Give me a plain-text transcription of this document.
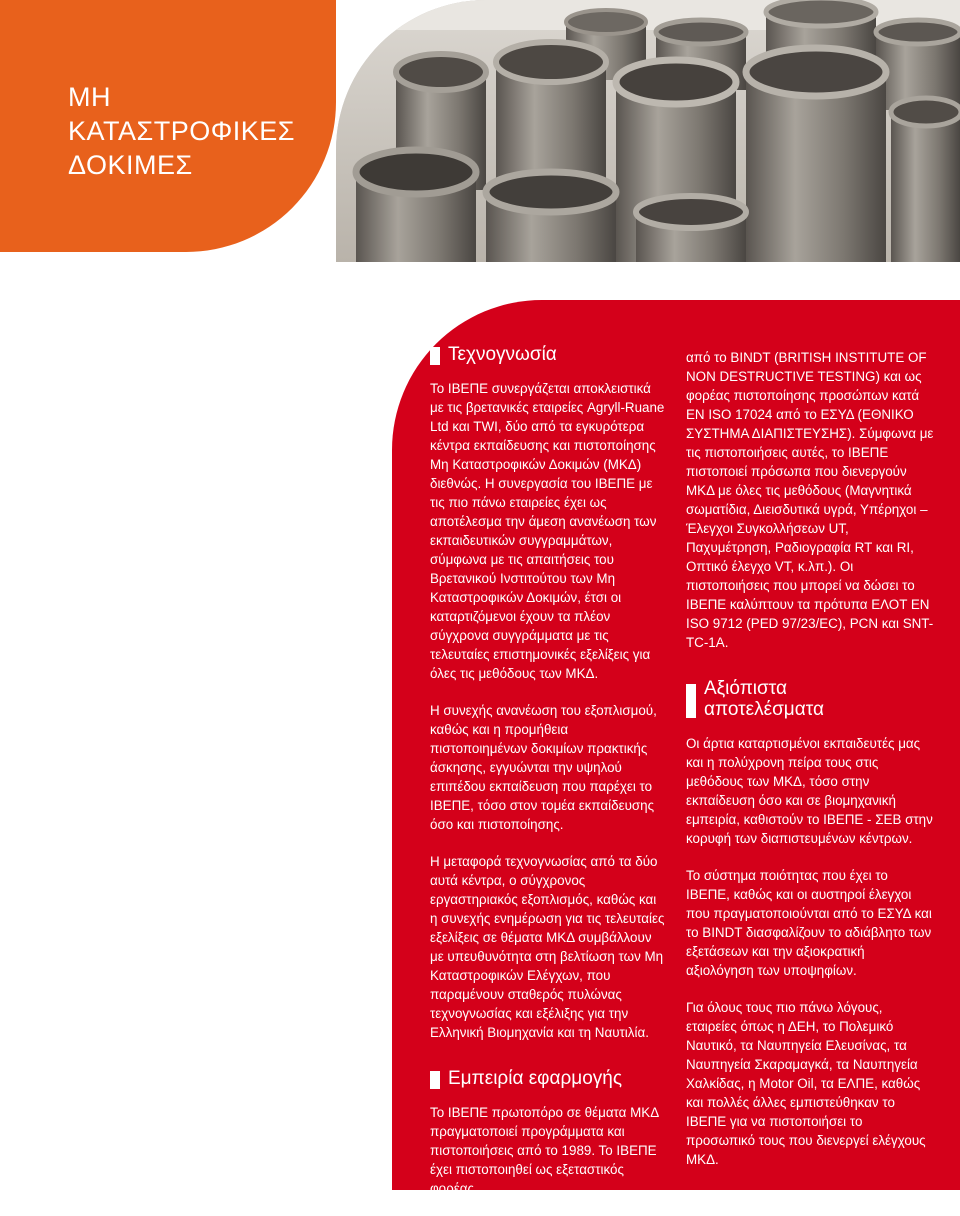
ΜΗ
ΚΑΤΑΣΤΡΟΦΙΚΕΣ
ΔΟΚΙΜΕΣ
Τεχνογνωσία

Το ΙΒΕΠΕ συνεργάζεται αποκλειστικά με τις βρετανικές εταιρείες Agryll-Ruane Ltd και TWI, δύο από τα εγκυρότερα κέντρα εκπαίδευσης και πιστοποίησης Μη Καταστροφικών Δοκιμών (ΜΚΔ) διεθνώς. Η συνεργασία του ΙΒΕΠΕ με τις πιο πάνω εταιρείες έχει ως αποτέλεσμα την άμεση ανανέωση των εκπαιδευτικών συγγραμμάτων, σύμφωνα με τις απαιτήσεις του Βρετανικού Ινστιτούτου των Μη Καταστροφικών Δοκιμών, έτσι οι καταρτιζόμενοι έχουν τα πλέον σύγχρονα συγγράμματα με τις τελευταίες επιστημονικές εξελίξεις για όλες τις μεθόδους των ΜΚΔ.

Η συνεχής ανανέωση του εξοπλισμού, καθώς και η προμήθεια πιστοποιημένων δοκιμίων πρακτικής άσκησης, εγγυώνται την υψηλού επιπέδου εκπαίδευση που παρέχει το ΙΒΕΠΕ, τόσο στον τομέα εκπαίδευσης όσο και πιστοποίησης.

Η μεταφορά τεχνογνωσίας από τα δύο αυτά κέντρα, ο σύγχρονος εργαστηριακός εξοπλισμός, καθώς και η συνεχής ενημέρωση για τις τελευταίες εξελίξεις σε θέματα ΜΚΔ συμβάλλουν με υπευθυνότητα στη βελτίωση των Μη Καταστροφικών Ελέγχων, που παραμένουν σταθερός πυλώνας τεχνογνωσίας και εξέλιξης για την Ελληνική Βιομηχανία και τη Ναυτιλία.

Εμπειρία εφαρμογής

Το ΙΒΕΠΕ πρωτοπόρο σε θέματα ΜΚΔ πραγματοποιεί προγράμματα και πιστοποιήσεις από το 1989. Το ΙΒΕΠΕ έχει πιστοποιηθεί ως εξεταστικός φορέας

από το BINDT (BRITISH INSTITUTE OF NON DESTRUCTIVE TESTING) και ως φορέας πιστοποίησης προσώπων κατά EN ISO 17024 από το ΕΣΥΔ (ΕΘΝΙΚΟ ΣΥΣΤΗΜΑ ΔΙΑΠΙΣΤΕΥΣΗΣ). Σύμφωνα με τις πιστοποιήσεις αυτές, το ΙΒΕΠΕ πιστοποιεί πρόσωπα που διενεργούν ΜΚΔ με όλες τις μεθόδους (Μαγνητικά σωματίδια, Διεισδυτικά υγρά, Υπέρηχοι – Έλεγχοι Συγκολλήσεων UT, Παχυμέτρηση, Ραδιογραφία RT και RI, Οπτικό έλεγχο VT, κ.λπ.). Οι πιστοποιήσεις που μπορεί να δώσει το ΙΒΕΠΕ καλύπτουν τα πρότυπα ΕΛΟΤ EN ISO 9712 (PED 97/23/EC), PCN και SNT-TC-1A.

Αξιόπιστα
αποτελέσματα

Οι άρτια καταρτισμένοι εκπαιδευτές μας και η πολύχρονη πείρα τους στις μεθόδους των ΜΚΔ, τόσο στην εκπαίδευση όσο και σε βιομηχανική εμπειρία, καθιστούν το ΙΒΕΠΕ - ΣΕΒ στην κορυφή των διαπιστευμένων κέντρων.

Το σύστημα ποιότητας που έχει το ΙΒΕΠΕ, καθώς και οι αυστηροί έλεγχοι που πραγματοποιούνται από το ΕΣΥΔ και το BINDT διασφαλίζουν το αδιάβλητο των εξετάσεων και την αξιοκρατική αξιολόγηση των υποψηφίων.

Για όλους τους πιο πάνω λόγους, εταιρείες όπως η ΔΕΗ, το Πολεμικό Ναυτικό, τα Ναυπηγεία Ελευσίνας, τα Ναυπηγεία Σκαραμαγκά, τα Ναυπηγεία Χαλκίδας, η Motor Oil, τα ΕΛΠΕ, καθώς και πολλές άλλες εμπιστεύθηκαν το ΙΒΕΠΕ για να πιστοποιήσει το προσωπικό τους που διενεργεί ελέγχους ΜΚΔ.
